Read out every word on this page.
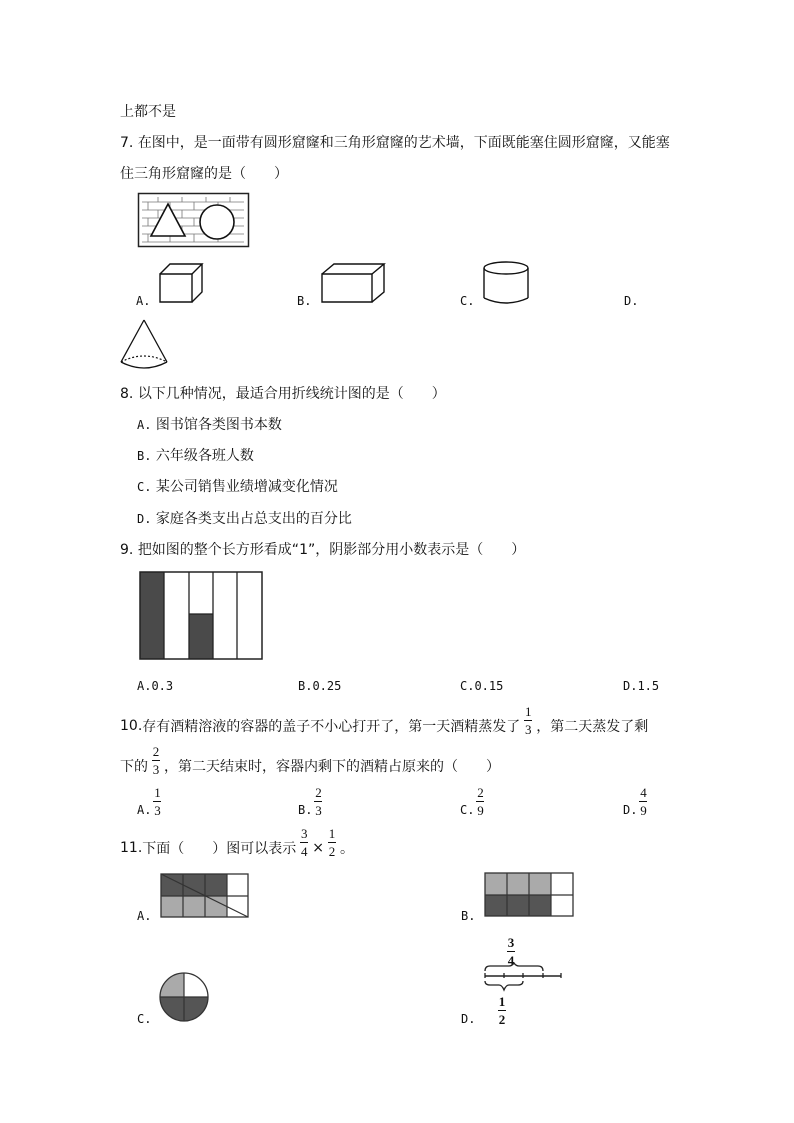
上都不是
7. 在图中，是一面带有圆形窟窿和三角形窟窿的艺术墙，下面既能塞住圆形窟窿，又能塞
住三角形窟窿的是（　　）
A.	B.	C.	D.
8. 以下几种情况，最适合用折线统计图的是（　　）
A. 图书馆各类图书本数
B. 六年级各班人数
C. 某公司销售业绩增减变化情况
D. 家庭各类支出占总支出的百分比
9. 把如图的整个长方形看成“1”，阴影部分用小数表示是（　　）
A.0.3	B.0.25	C.0.15	D.1.5
10. 存有酒精溶液的容器的盖子不小心打开了，第一天酒精蒸发了 $\frac{1}{3}$ ，第二天蒸发了剩
下的 $\frac{2}{3}$ ，第二天结束时，容器内剩下的酒精占原来的（　　）
A. $\frac{1}{3}$	B. $\frac{2}{3}$	C. $\frac{2}{9}$	D. $\frac{4}{9}$
11. 下面（　　）图可以表示 $\frac{3}{4} \times \frac{1}{2}$ 。
A.	B.
C.	D.
$\frac{3}{4}$
$\frac{1}{2}$
